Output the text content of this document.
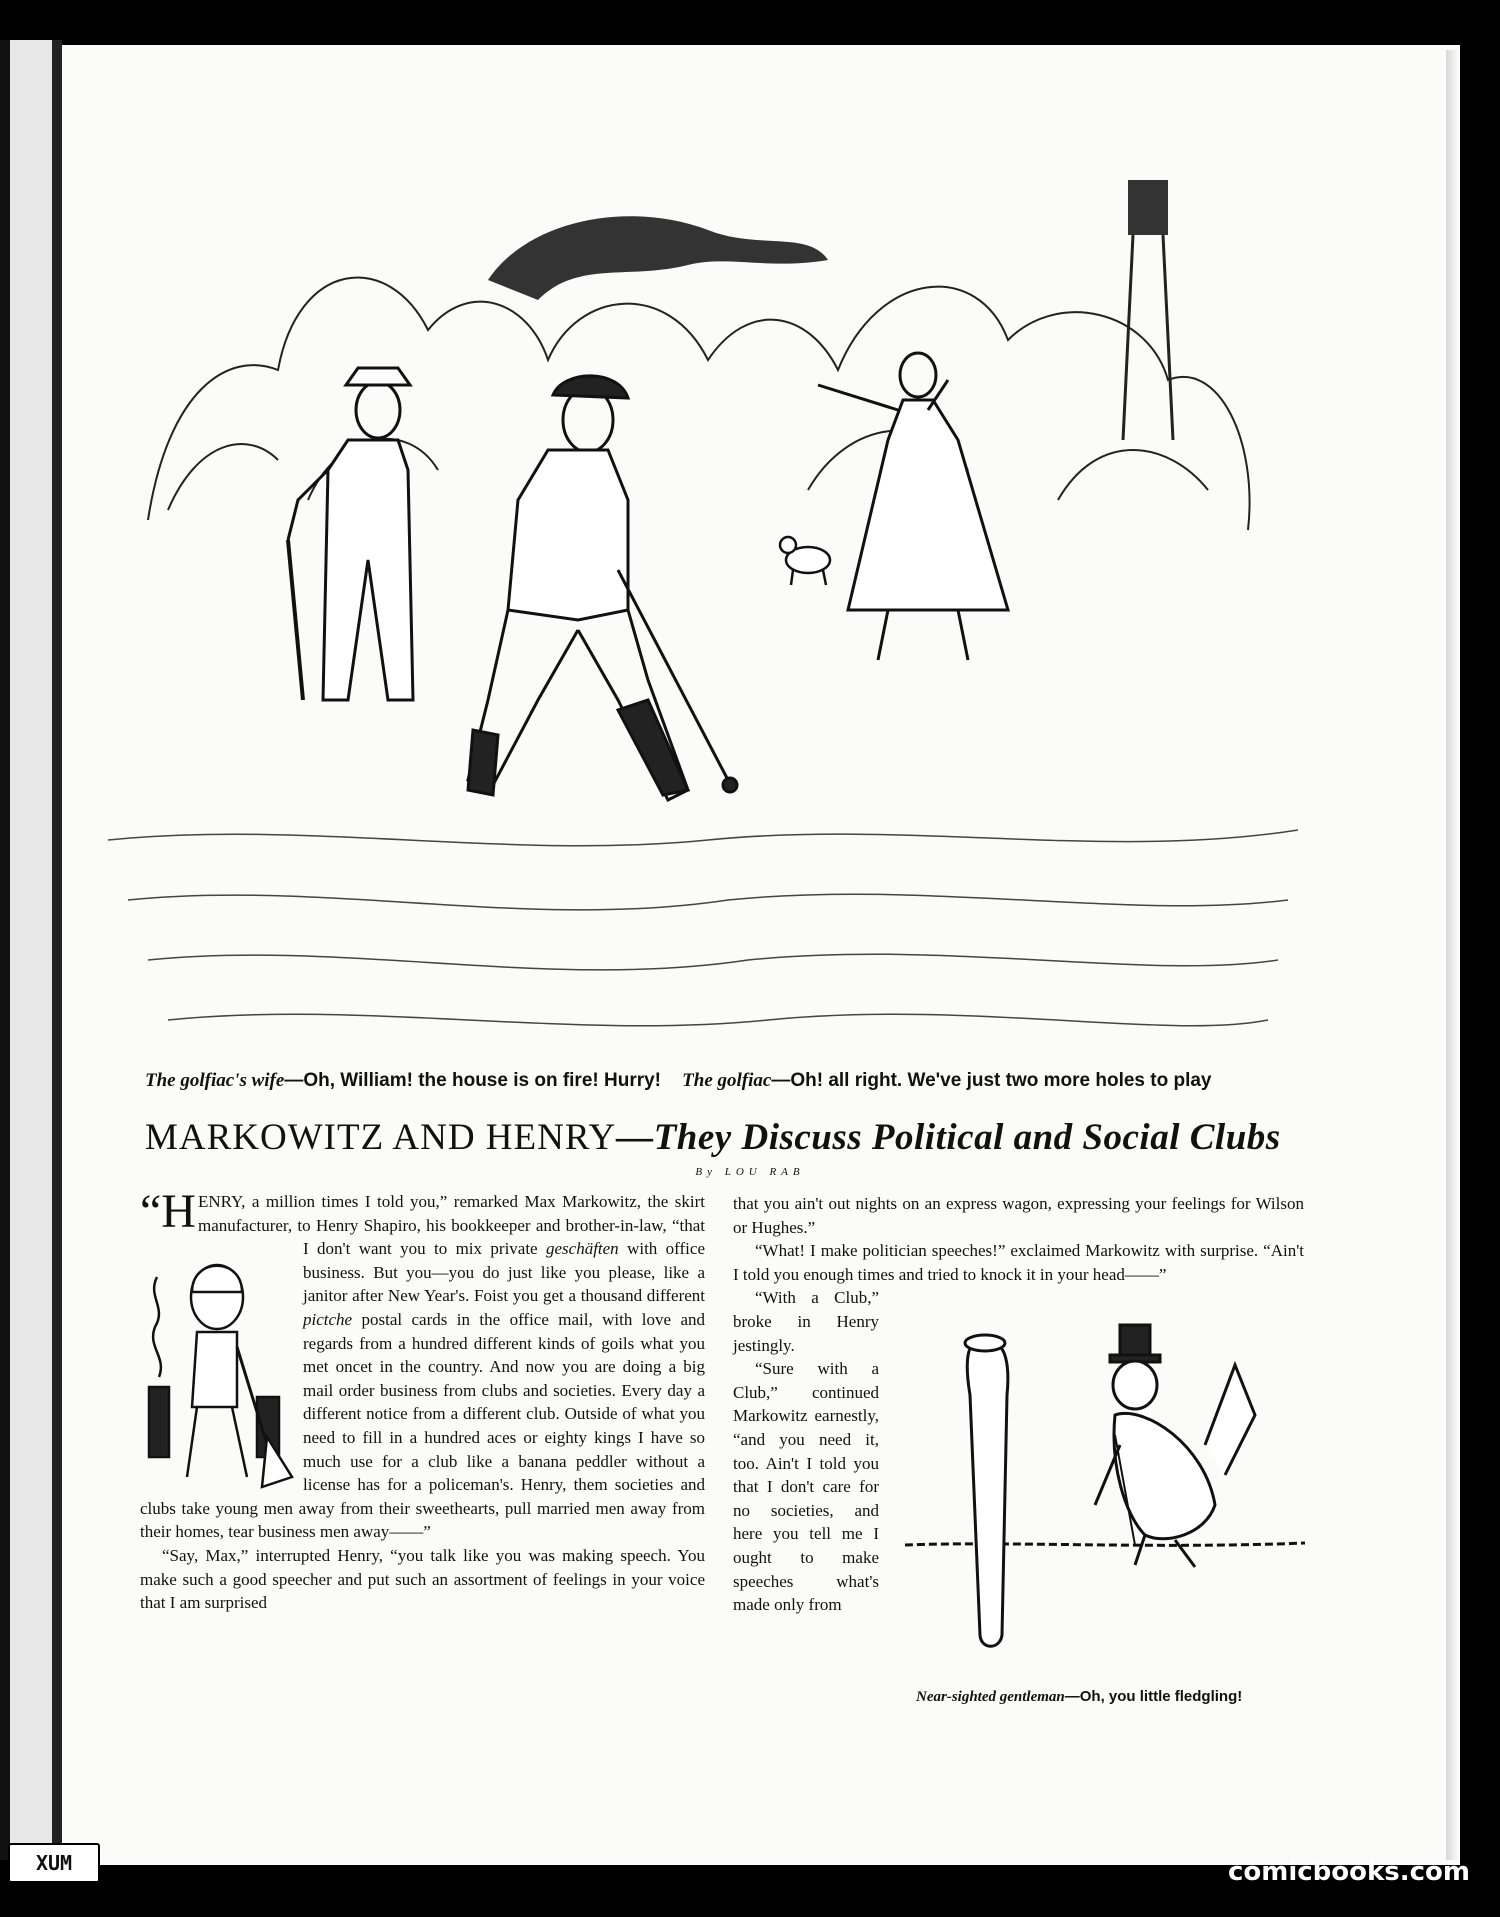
The golfiac's wife—Oh, William! the house is on fire! Hurry! The golfiac—Oh! all right. We've just two more holes to play
MARKOWITZ AND HENRY—They Discuss Political and Social Clubs
By LOU RAB

“HENRY, a million times I told you,” remarked Max Markowitz, the skirt manufacturer, to Henry Shapiro, his bookkeeper and brother-in-law, “that I don't want you to mix private geschäften with office business. But you—you do just like you please, like a janitor after New Year's. Foist you get a thousand different pictche postal cards in the office mail, with love and regards from a hundred different kinds of goils what you met oncet in the country. And now you are doing a big mail order business from clubs and societies. Every day a different notice from a different club. Outside of what you need to fill in a hundred aces or eighty kings I have so much use for a club like a banana peddler without a license has for a policeman's. Henry, them societies and clubs take young men away from their sweethearts, pull married men away from their homes, tear business men away——”

“Say, Max,” interrupted Henry, “you talk like you was making speech. You make such a good speecher and put such an assortment of feelings in your voice that I am surprised

that you ain't out nights on an express wagon, expressing your feelings for Wilson or Hughes.”

“What! I make politician speeches!” exclaimed Markowitz with surprise. “Ain't I told you enough times and tried to knock it in your head——”

“With a Club,” broke in Henry jestingly.

“Sure with a Club,” continued Markowitz earnestly, “and you need it, too. Ain't I told you that I don't care for no societies, and here you tell me I ought to make speeches what's made only from

Near-sighted gentleman—Oh, you little fledgling!
XUM	comicbooks.com
